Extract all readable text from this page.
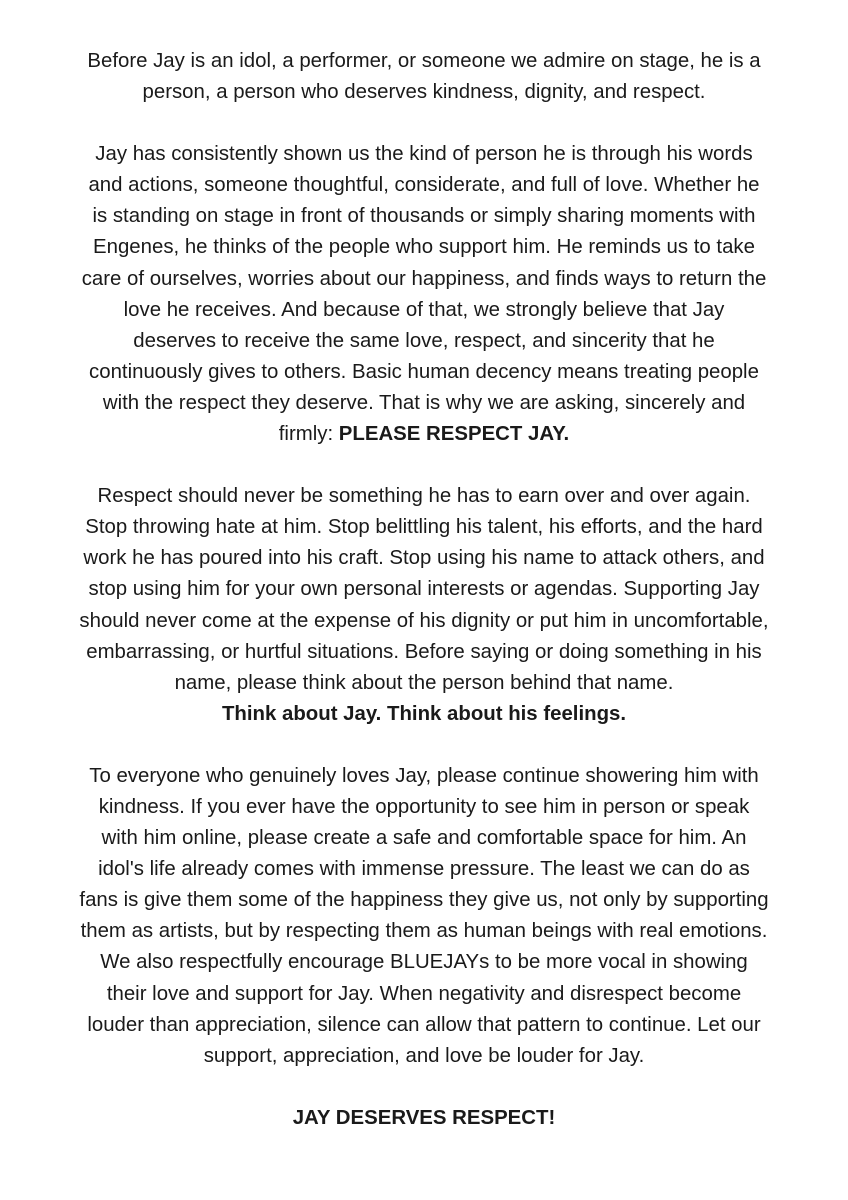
Before Jay is an idol, a performer, or someone we admire on stage, he is a
person, a person who deserves kindness, dignity, and respect.

Jay has consistently shown us the kind of person he is through his words
and actions, someone thoughtful, considerate, and full of love. Whether he
is standing on stage in front of thousands or simply sharing moments with
Engenes, he thinks of the people who support him. He reminds us to take
care of ourselves, worries about our happiness, and finds ways to return the
love he receives. And because of that, we strongly believe that Jay
deserves to receive the same love, respect, and sincerity that he
continuously gives to others. Basic human decency means treating people
with the respect they deserve. That is why we are asking, sincerely and
firmly: PLEASE RESPECT JAY.

Respect should never be something he has to earn over and over again.
Stop throwing hate at him. Stop belittling his talent, his efforts, and the hard
work he has poured into his craft. Stop using his name to attack others, and
stop using him for your own personal interests or agendas. Supporting Jay
should never come at the expense of his dignity or put him in uncomfortable,
embarrassing, or hurtful situations. Before saying or doing something in his
name, please think about the person behind that name.
Think about Jay. Think about his feelings.

To everyone who genuinely loves Jay, please continue showering him with
kindness. If you ever have the opportunity to see him in person or speak
with him online, please create a safe and comfortable space for him. An
idol's life already comes with immense pressure. The least we can do as
fans is give them some of the happiness they give us, not only by supporting
them as artists, but by respecting them as human beings with real emotions.
We also respectfully encourage BLUEJAYs to be more vocal in showing
their love and support for Jay. When negativity and disrespect become
louder than appreciation, silence can allow that pattern to continue. Let our
support, appreciation, and love be louder for Jay.

JAY DESERVES RESPECT!
